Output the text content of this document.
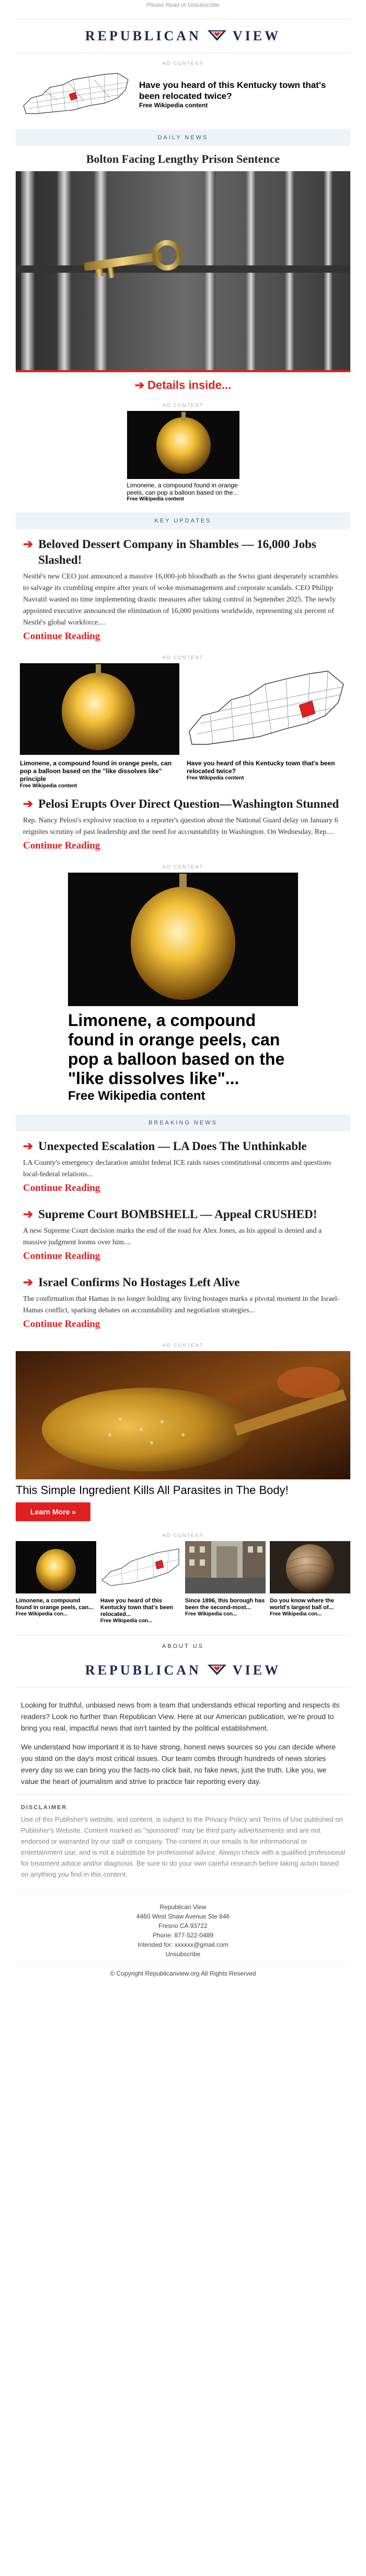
Please Read or Unsubscribe
REPUBLICAN VIEW
AD CONTENT
Have you heard of this Kentucky town that's been relocated twice?
Free Wikipedia content
DAILY NEWS
Bolton Facing Lengthy Prison Sentence
➔ Details inside...
AD CONTENT
Limonene, a compound found in orange peels, can pop a balloon based on the...
Free Wikipedia content
KEY UPDATES
➔ Beloved Dessert Company in Shambles — 16,000 Jobs Slashed!

Nestlé's new CEO just announced a massive 16,000-job bloodbath as the Swiss giant desperately scrambles to salvage its crumbling empire after years of woke mismanagement and corporate scandals. CEO Philipp Navratil wasted no time implementing drastic measures after taking control in September 2025. The newly appointed executive announced the elimination of 16,000 positions worldwide, representing six percent of Nestlé's global workforce....

Continue Reading
AD CONTENT
Limonene, a compound found in orange peels, can pop a balloon based on the "like dissolves like" principle
Free Wikipedia content
Have you heard of this Kentucky town that's been relocated twice?
Free Wikipedia content
➔ Pelosi Erupts Over Direct Question—Washington Stunned

Rep. Nancy Pelosi's explosive reaction to a reporter's question about the National Guard delay on January 6 reignites scrutiny of past leadership and the need for accountability in Washington. On Wednesday, Rep....

Continue Reading
AD CONTENT
Limonene, a compound found in orange peels, can pop a balloon based on the "like dissolves like"...
Free Wikipedia content
BREAKING NEWS
➔ Unexpected Escalation — LA Does The Unthinkable

LA County's emergency declaration amidst federal ICE raids raises constitutional concerns and questions local-federal relations...

Continue Reading
➔ Supreme Court BOMBSHELL — Appeal CRUSHED!

A new Supreme Court decision marks the end of the road for Alex Jones, as his appeal is denied and a massive judgment looms over him....

Continue Reading
➔ Israel Confirms No Hostages Left Alive

The confirmation that Hamas is no longer holding any living hostages marks a pivotal moment in the Israel-Hamas conflict, sparking debates on accountability and negotiation strategies...

Continue Reading
AD CONTENT
This Simple Ingredient Kills All Parasites in The Body!
Learn More »
AD CONTENT
Limonene, a compound found in orange peels, can...
Free Wikipedia con...
Have you heard of this Kentucky town that's been relocated...
Free Wikipedia con...
Since 1896, this borough has been the second-most...
Free Wikipedia con...
Do you know where the world's largest ball of...
Free Wikipedia con...
ABOUT US
REPUBLICAN VIEW

Looking for truthful, unbiased news from a team that understands ethical reporting and respects its readers? Look no further than Republican View. Here at our American publication, we're proud to bring you real, impactful news that isn't tainted by the political establishment.

We understand how important it is to have strong, honest news sources so you can decide where you stand on the day's most critical issues. Our team combs through hundreds of news stories every day so we can bring you the facts-no click bait, no fake news, just the truth. Like you, we value the heart of journalism and strive to practice fair reporting every day.

DISCLAIMER
Use of this Publisher's website, and content, is subject to the Privacy Policy and Terms of Use published on Publisher's Website. Content marked as "sponsored" may be third party advertisements and are not endorsed or warranted by our staff or company. The content in our emails is for informational or entertainment use, and is not a substitute for professional advice. Always check with a qualified professional for treatment advice and/or diagnosis. Be sure to do your own careful research before taking action based on anything you find in this content.
Republican View
4460 West Shaw Avenue Ste 846
Fresno CA 93722
Phone: 877-522-0489
Intended for: xxxxxx@gmail.com
Unsubscribe
© Copyright Republicanview.org All Rights Reserved
